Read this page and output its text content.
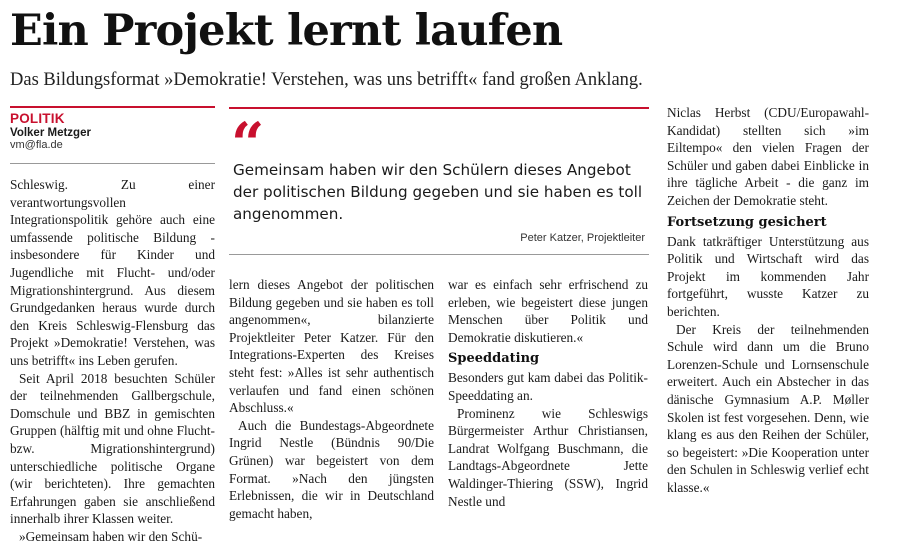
Ein Projekt lernt laufen

Das Bildungsformat »Demokratie! Verstehen, was uns betrifft« fand großen Anklang.

POLITIK
Volker Metzger
vm@fla.de	“

Gemeinsam haben wir den Schülern dieses Angebot der politischen Bildung gegeben und sie haben es toll angenommen.

Peter Katzer, Projektleiter

Schleswig. Zu einer verantwortungsvollen Integrationspolitik gehöre auch eine umfassende politische Bildung - insbesondere für Kinder und Jugendliche mit Flucht- und/oder Migrationshintergrund. Aus diesem Grundgedanken heraus wurde durch den Kreis Schleswig-Flensburg das Projekt »Demokratie! Verstehen, was uns betrifft« ins Leben gerufen.

Seit April 2018 besuchten Schüler der teilnehmenden Gallbergschule, Domschule und BBZ in gemischten Gruppen (hälftig mit und ohne Flucht- bzw. Migrationshintergrund) unterschiedliche politische Organe (wir berichteten). Ihre gemachten Erfahrungen gaben sie anschließend innerhalb ihrer Klassen weiter.

»Gemeinsam haben wir den Schü-

lern dieses Angebot der politischen Bildung gegeben und sie haben es toll angenommen«, bilanzierte Projektleiter Peter Katzer. Für den Integrations-Experten des Kreises steht fest: »Alles ist sehr authentisch verlaufen und fand einen schönen Abschluss.«

Auch die Bundestags-Abgeordnete Ingrid Nestle (Bündnis 90/Die Grünen) war begeistert von dem Format. »Nach den jüngsten Erlebnissen, die wir in Deutschland gemacht haben,

war es einfach sehr erfrischend zu erleben, wie begeistert diese jungen Menschen über Politik und Demokratie diskutieren.«

Speeddating

Besonders gut kam dabei das Politik-Speeddating an.

Prominenz wie Schleswigs Bürgermeister Arthur Christiansen, Landrat Wolfgang Buschmann, die Landtags-Abgeordnete Jette Waldinger-Thiering (SSW), Ingrid Nestle und

Niclas Herbst (CDU/Europawahl-Kandidat) stellten sich »im Eiltempo« den vielen Fragen der Schüler und gaben dabei Einblicke in ihre tägliche Arbeit - die ganz im Zeichen der Demokratie steht.

Fortsetzung gesichert

Dank tatkräftiger Unterstützung aus Politik und Wirtschaft wird das Projekt im kommenden Jahr fortgeführt, wusste Katzer zu berichten.

Der Kreis der teilnehmenden Schule wird dann um die Bruno Lorenzen-Schule und Lornsenschule erweitert. Auch ein Abstecher in das dänische Gymnasium A.P. Møller Skolen ist fest vorgesehen. Denn, wie klang es aus den Reihen der Schüler, so begeistert: »Die Kooperation unter den Schulen in Schleswig verlief echt klasse.«
